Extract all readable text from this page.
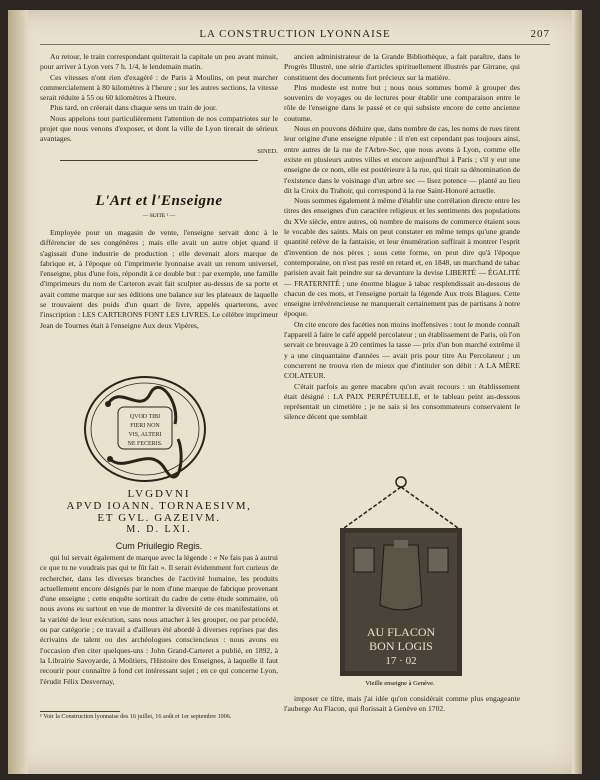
LA CONSTRUCTION LYONNAISE	207

Au retour, le train correspondant quitterait la capitale un peu avant minuit, pour arriver à Lyon vers 7 h. 1/4, le lendemain matin.

Ces vitesses n'ont rien d'exagéré : de Paris à Moulins, on peut marcher commercialement à 80 kilomètres à l'heure ; sur les autres sections, la vitesse serait réduite à 55 ou 60 kilomètres à l'heure.

Plus tard, on créerait dans chaque sens un train de jour.

Nous appelons tout particulièrement l'attention de nos compatriotes sur le projet que nous venons d'exposer, et dont la ville de Lyon tirerait de sérieux avantages.

SINED.
L'Art et l'Enseigne
— SUITE ¹ —

Employée pour un magasin de vente, l'enseigne servait donc à le différencier de ses congénères ; mais elle avait un autre objet quand il s'agissait d'une industrie de production ; elle devenait alors marque de fabrique et, à l'époque où l'imprimerie lyonnaise avait un renom universel, l'enseigne, plus d'une fois, répondit à ce double but : par exemple, une famille d'imprimeurs du nom de Carteron avait fait sculpter au-dessus de sa porte et avait comme marque sur ses éditions une balance sur les plateaux de laquelle se trouvaient des poids d'un quart de livre, appelés quarterons, avec l'inscription : LES CARTERONS FONT LES LIVRES. Le célèbre imprimeur Jean de Tournes était à l'enseigne Aux deux Vipères,

QVOD TIBI
FIERI NON
VIS, ALTERI
NE FECERIS.
LVGDVNI
APVD IOANN. TORNAESIVM,
ET GVL. GAZEIVM.
M. D. LXI.
Cum Priuilegio Regis.

qui lui servait également de marque avec la légende : « Ne fais pas à autrui ce que tu ne voudrais pas qui te fût fait ». Il serait évidemment fort curieux de rechercher, dans les diverses branches de l'activité humaine, les produits actuellement encore désignés par le nom d'une marque de fabrique provenant d'une enseigne ; cette enquête sortirait du cadre de cette étude sommaire, où nous avons eu surtout en vue de montrer la diversité de ces manifestations et la variété de leur exécution, sans nous attacher à les grouper, ou par procédé, ou par catégorie ; ce travail a d'ailleurs été abordé à diverses reprises par des écrivains de talent ou des archéologues consciencieux : nous avons eu l'occasion d'en citer quelques-uns : John Grand-Carteret a publié, en 1892, à la Librairie Savoyarde, à Moûtiers, l'Histoire des Enseignes, à laquelle il faut recourir pour connaître à fond cet intéressant sujet ; en ce qui concerne Lyon, l'érudit Félix Desvernay,

¹ Voir la Construction lyonnaise des 16 juillet, 16 août et 1er septembre 1906.

ancien administrateur de la Grande Bibliothèque, a fait paraître, dans le Progrès Illustré, une série d'articles spirituellement illustrés par Girrane, qui constituent des documents fort précieux sur la matière.

Plus modeste est notre but ; nous nous sommes borné à grouper des souvenirs de voyages ou de lectures pour établir une comparaison entre le rôle de l'enseigne dans le passé et ce qui subsiste encore de cette ancienne coutume.

Nous en pouvons déduire que, dans nombre de cas, les noms de rues tirent leur origine d'une enseigne réputée : il n'en est cependant pas toujours ainsi, entre autres de la rue de l'Arbre-Sec, que nous avons à Lyon, comme elle existe en plusieurs autres villes et encore aujourd'hui à Paris ; s'il y eut une enseigne de ce nom, elle est postérieure à la rue, qui tirait sa dénomination de l'existence dans le voisinage d'un arbre sec — lisez potence — planté au lieu dit la Croix du Trahoir, qui correspond à la rue Saint-Honoré actuelle.

Nous sommes également à même d'établir une corrélation directe entre les titres des enseignes d'un caractère religieux et les sentiments des populations du XVe siècle, entre autres, où nombre de maisons de commerce étaient sous le vocable des saints. Mais on peut constater en même temps qu'une grande quantité relève de la fantaisie, et leur énumération suffirait à montrer l'esprit d'invention de nos pères ; sous cette forme, on peut dire qu'à l'époque contemporaine, on n'est pas resté en retard et, en 1848, un marchand de tabac parisien avait fait peindre sur sa devanture la devise LIBERTÉ — ÉGALITÉ — FRATERNITÉ ; une énorme blague à tabac resplendissait au-dessous de chacun de ces mots, et l'enseigne portait la légende Aux trois Blagues. Cette enseigne irrévérencieuse ne manquerait certainement pas de partisans à notre époque.

On cite encore des facéties non moins inoffensives : tout le monde connaît l'appareil à faire le café appelé percolateur ; un établissement de Paris, où l'on servait ce breuvage à 20 centimes la tasse — prix d'un bon marché extrême il y a une cinquantaine d'années — avait pris pour titre Au Percolateur ; un concurrent ne trouva rien de mieux que d'intituler son débit : A LA MÈRE COLATEUR.

C'était parfois au genre macabre qu'on avait recours : un établissement était désigné : LA PAIX PERPÉTUELLE, et le tableau peint au-dessous représentait un cimetière ; je ne sais si les consommateurs conservaient le silence décent que semblait

AU FLACON
BON LOGIS
17 · 02
Vieille enseigne à Genève.

imposer ce titre, mais j'ai idée qu'on considérait comme plus engageante l'auberge Au Flacon, qui florissait à Genève en 1702.
